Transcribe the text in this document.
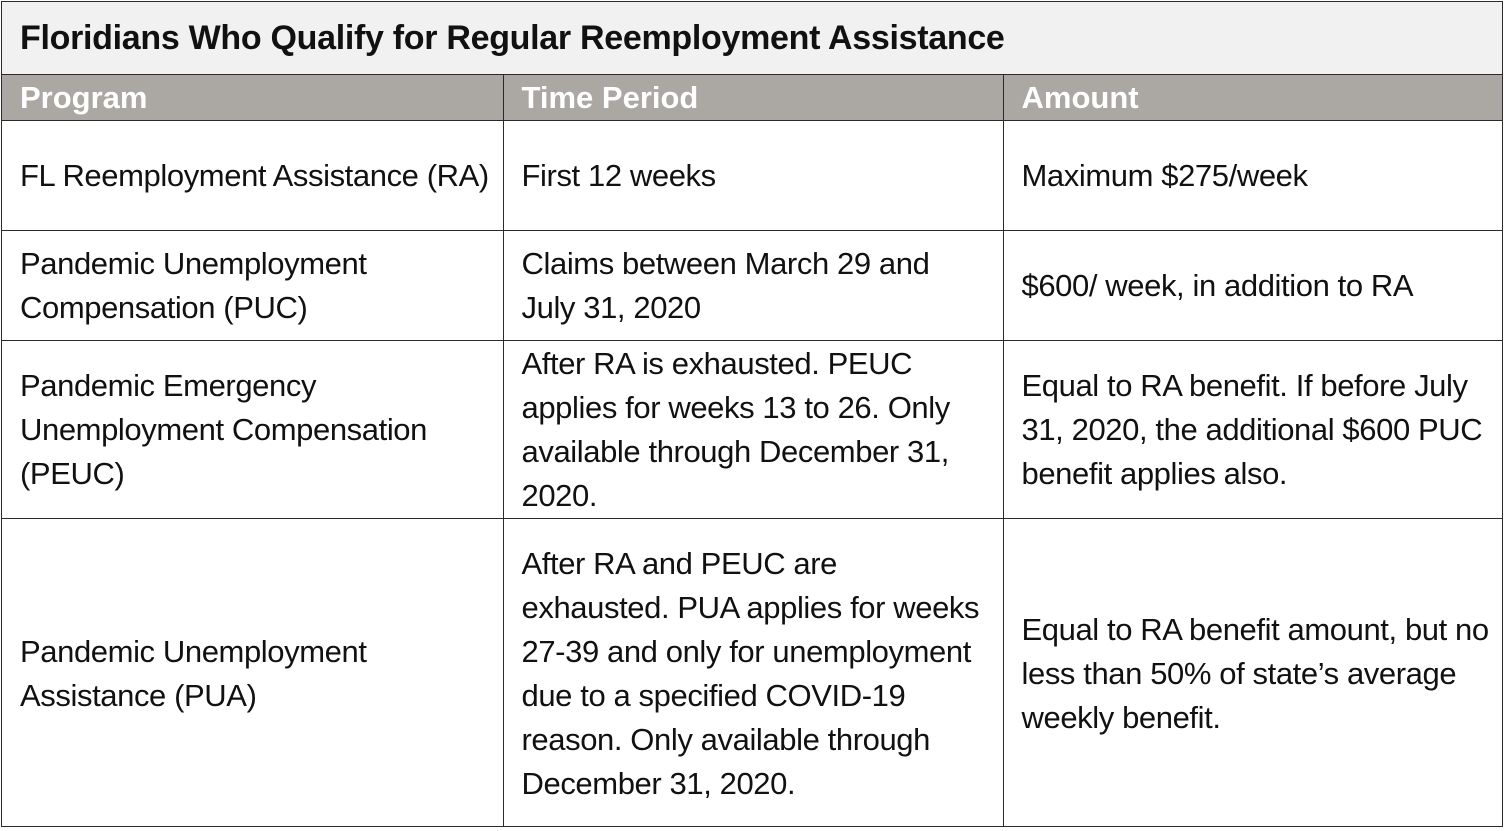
Floridians Who Qualify for Regular Reemployment Assistance
Program	Time Period	Amount
FL Reemployment Assistance (RA)	First 12 weeks	Maximum $275/week
Pandemic Unemployment Compensation (PUC)	Claims between March 29 and July 31, 2020	$600/ week, in addition to RA
Pandemic Emergency Unemployment Compensation (PEUC)	After RA is exhausted. PEUC applies for weeks 13 to 26. Only available through December 31, 2020.	Equal to RA benefit. If before July 31, 2020, the additional $600 PUC benefit applies also.
Pandemic Unemployment Assistance (PUA)	After RA and PEUC are exhausted. PUA applies for weeks 27-39 and only for unemployment due to a specified COVID-19 reason. Only available through December 31, 2020.	Equal to RA benefit amount, but no less than 50% of state’s average weekly benefit.
